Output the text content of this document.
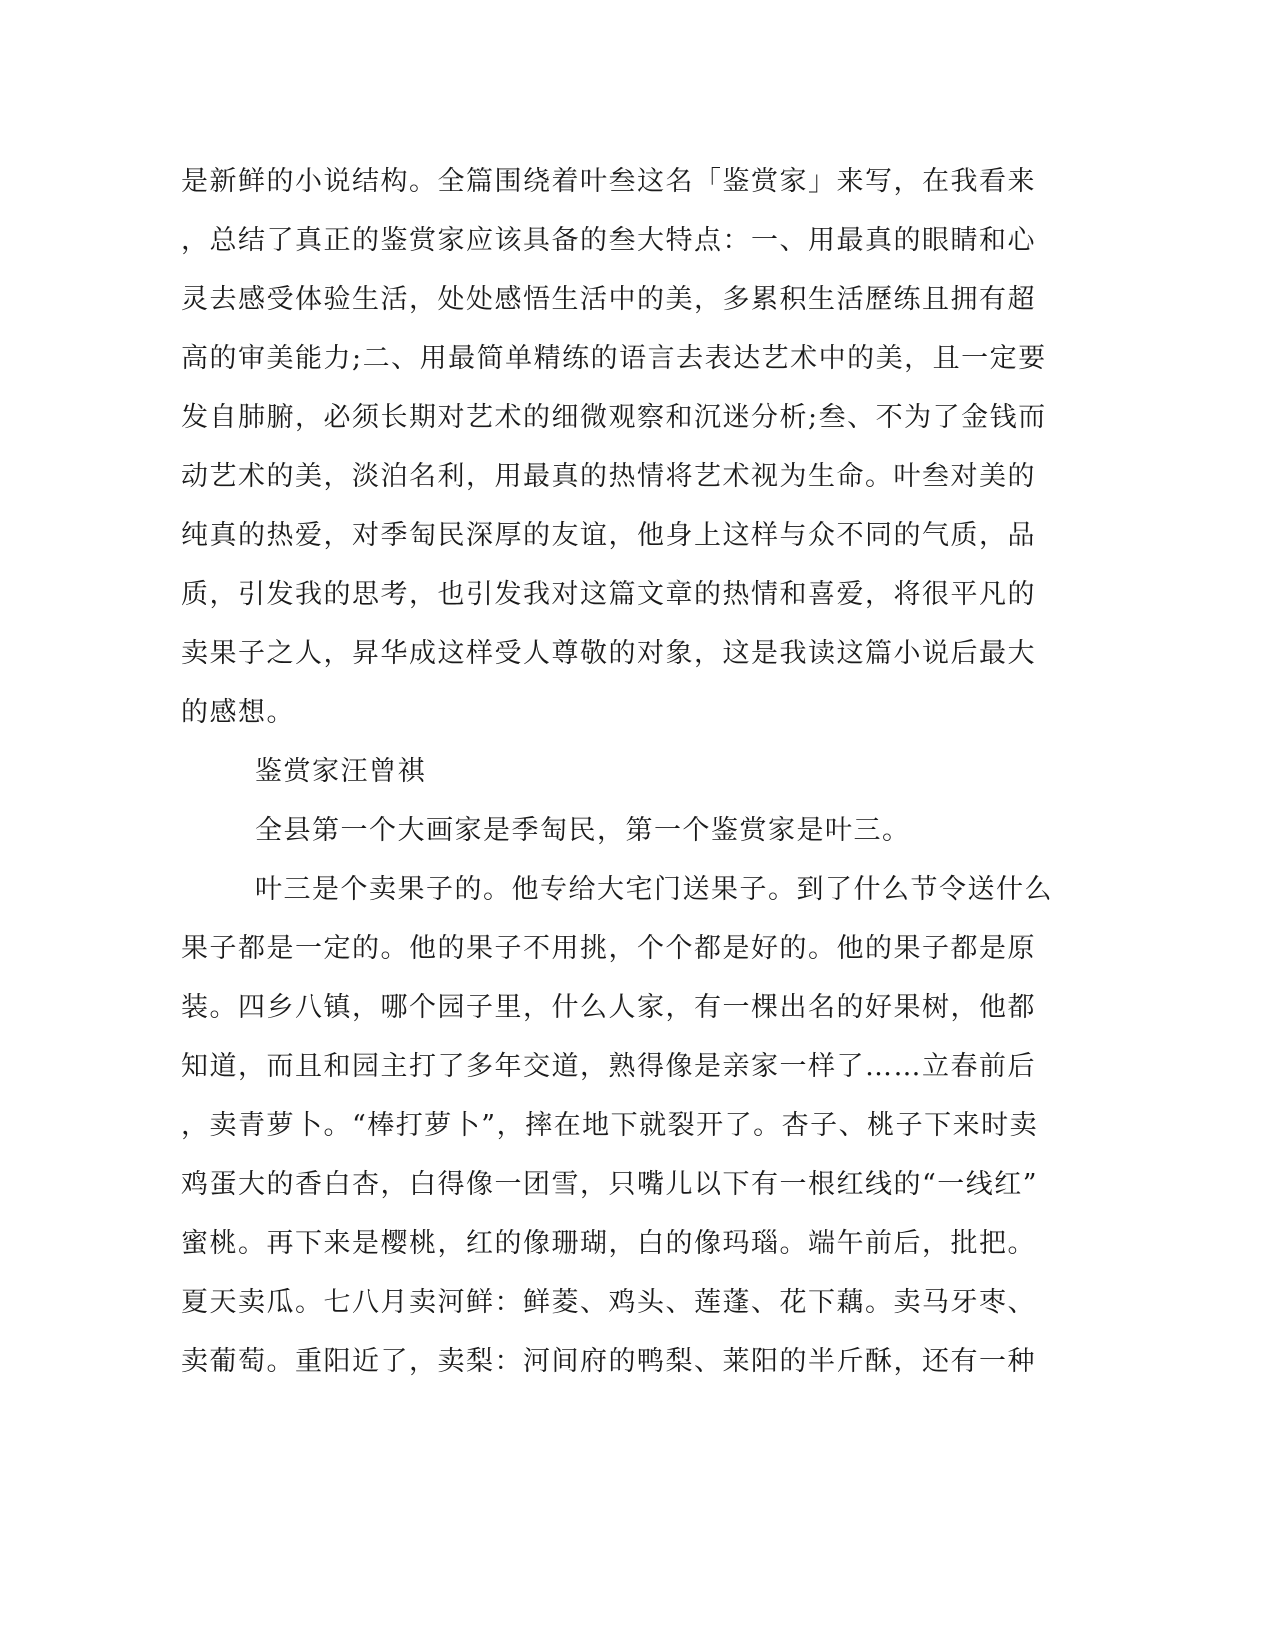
是新鲜的小说结构。全篇围绕着叶叁这名「鉴赏家」来写，在我看来
，总结了真正的鉴赏家应该具备的叁大特点：一、用最真的眼睛和心
灵去感受体验生活，处处感悟生活中的美，多累积生活歷练且拥有超
高的审美能力;二、用最简单精练的语言去表达艺术中的美，且一定要
发自肺腑，必须长期对艺术的细微观察和沉迷分析;叁、不为了金钱而
动艺术的美，淡泊名利，用最真的热情将艺术视为生命。叶叁对美的
纯真的热爱，对季匋民深厚的友谊，他身上这样与众不同的气质，品
质，引发我的思考，也引发我对这篇文章的热情和喜爱，将很平凡的
卖果子之人，昇华成这样受人尊敬的对象，这是我读这篇小说后最大
的感想。
鉴赏家汪曾祺
全县第一个大画家是季匋民，第一个鉴赏家是叶三。
叶三是个卖果子的。他专给大宅门送果子。到了什么节令送什么
果子都是一定的。他的果子不用挑，个个都是好的。他的果子都是原
装。四乡八镇，哪个园子里，什么人家，有一棵出名的好果树，他都
知道，而且和园主打了多年交道，熟得像是亲家一样了……立春前后
，卖青萝卜。“棒打萝卜”，摔在地下就裂开了。杏子、桃子下来时卖
鸡蛋大的香白杏，白得像一团雪，只嘴儿以下有一根红线的“一线红”
蜜桃。再下来是樱桃，红的像珊瑚，白的像玛瑙。端午前后，批把。
夏天卖瓜。七八月卖河鲜：鲜菱、鸡头、莲蓬、花下藕。卖马牙枣、
卖葡萄。重阳近了，卖梨：河间府的鸭梨、莱阳的半斤酥，还有一种
